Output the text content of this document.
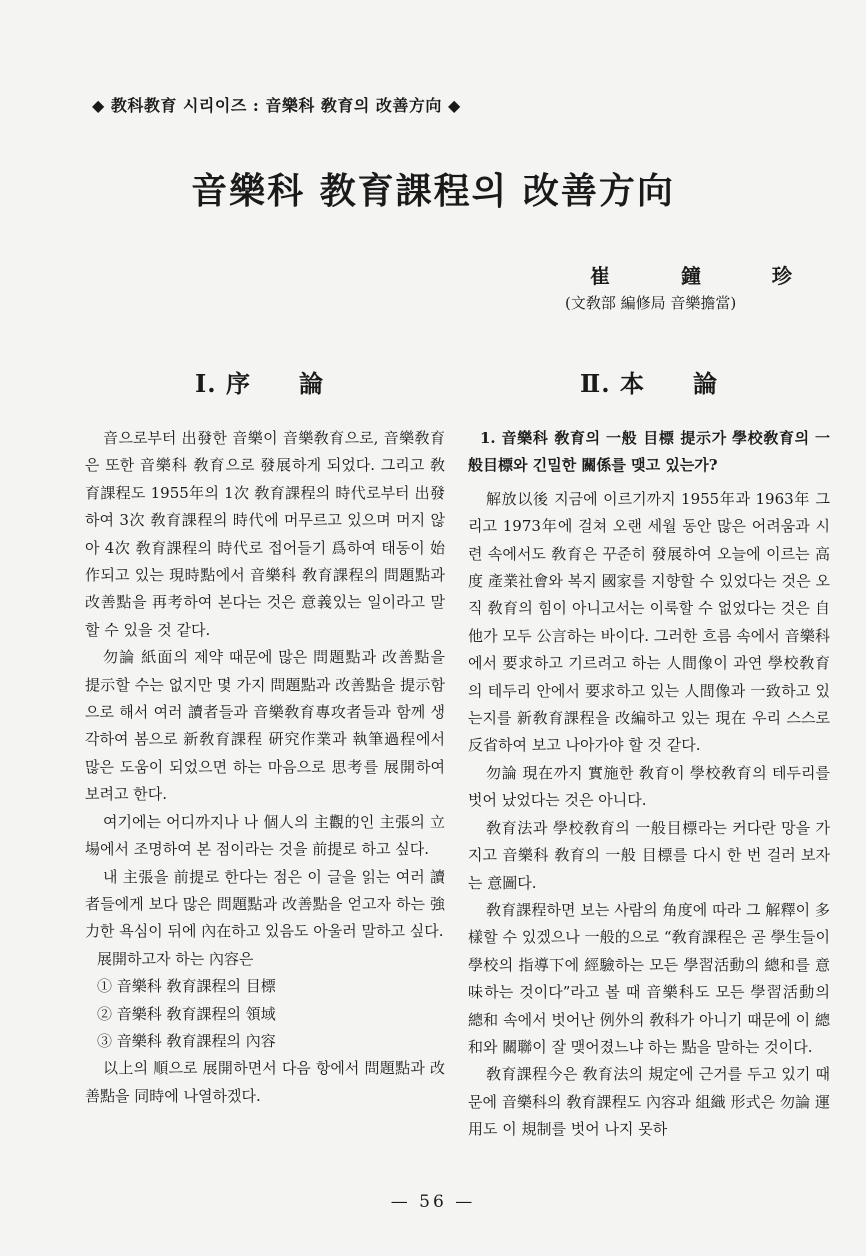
◆ 教科教育 시리이즈 : 音樂科 敎育의 改善方向 ◆
音樂科 教育課程의 改善方向
崔 鐘 珍
(文敎部 編修局 音樂擔當)
Ⅰ. 序 論	Ⅱ. 本 論

音으로부터 出發한 音樂이 音樂敎育으로, 音樂敎育은 또한 音樂科 敎育으로 發展하게 되었다. 그리고 敎育課程도 1955年의 1次 敎育課程의 時代로부터 出發하여 3次 敎育課程의 時代에 머무르고 있으며 머지 않아 4次 敎育課程의 時代로 접어들기 爲하여 태동이 始作되고 있는 現時點에서 音樂科 敎育課程의 問題點과 改善點을 再考하여 본다는 것은 意義있는 일이라고 말할 수 있을 것 같다.

勿論 紙面의 제약 때문에 많은 問題點과 改善點을 提示할 수는 없지만 몇 가지 問題點과 改善點을 提示함으로 해서 여러 讀者들과 音樂敎育專攻者들과 함께 생각하여 봄으로 新敎育課程 硏究作業과 執筆過程에서 많은 도움이 되었으면 하는 마음으로 思考를 展開하여 보려고 한다.

여기에는 어디까지나 나 個人의 主觀的인 主張의 立場에서 조명하여 본 점이라는 것을 前提로 하고 싶다.

내 主張을 前提로 한다는 점은 이 글을 읽는 여러 讀者들에게 보다 많은 問題點과 改善點을 얻고자 하는 強力한 욕심이 뒤에 內在하고 있음도 아울러 말하고 싶다.

展開하고자 하는 內容은

① 音樂科 敎育課程의 目標
② 音樂科 敎育課程의 領域
③ 音樂科 敎育課程의 內容

以上의 順으로 展開하면서 다음 항에서 問題點과 改善點을 同時에 나열하겠다.

1. 音樂科 敎育의 一般 目標 提示가 學校敎育의 一般目標와 긴밀한 關係를 맺고 있는가?

解放以後 지금에 이르기까지 1955年과 1963年 그리고 1973年에 걸쳐 오랜 세월 동안 많은 어려움과 시련 속에서도 敎育은 꾸준히 發展하여 오늘에 이르는 高度 產業社會와 복지 國家를 지향할 수 있었다는 것은 오직 敎育의 힘이 아니고서는 이룩할 수 없었다는 것은 自他가 모두 公言하는 바이다. 그러한 흐름 속에서 音樂科에서 要求하고 기르려고 하는 人間像이 과연 學校敎育의 테두리 안에서 要求하고 있는 人間像과 一致하고 있는지를 新敎育課程을 改編하고 있는 現在 우리 스스로 反省하여 보고 나아가야 할 것 같다.

勿論 現在까지 實施한 敎育이 學校敎育의 테두리를 벗어 났었다는 것은 아니다.

敎育法과 學校敎育의 一般目標라는 커다란 망을 가지고 音樂科 敎育의 一般 目標를 다시 한 번 걸러 보자는 意圖다.

敎育課程하면 보는 사람의 角度에 따라 그 解釋이 多樣할 수 있겠으나 一般的으로 “敎育課程은 곧 學生들이 學校의 指導下에 經驗하는 모든 學習活動의 總和를 意味하는 것이다”라고 볼 때 音樂科도 모든 學習活動의 總和 속에서 벗어난 例外의 敎科가 아니기 때문에 이 總和와 關聯이 잘 맺어졌느냐 하는 點을 말하는 것이다.

敎育課程今은 敎育法의 規定에 근거를 두고 있기 때문에 音樂科의 敎育課程도 內容과 組織 形式은 勿論 運用도 이 規制를 벗어 나지 못하

— 56 —
